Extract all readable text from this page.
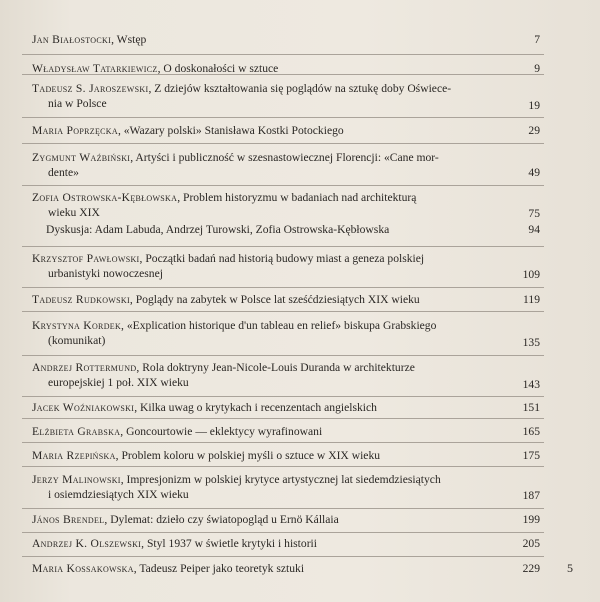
Jan Białostocki, Wstęp	7
Władysław Tatarkiewicz, O doskonałości w sztuce	9
Tadeusz S. Jaroszewski, Z dziejów kształtowania się poglądów na sztukę doby Oświece-
nia w Polsce	19
Maria Poprzęcka, «Wazary polski» Stanisława Kostki Potockiego	29
Zygmunt Waźbiński, Artyści i publiczność w szesnastowiecznej Florencji: «Cane mor-
dente»	49
Zofia Ostrowska-Kębłowska, Problem historyzmu w badaniach nad architekturą
wieku XIX	75
Dyskusja: Adam Labuda, Andrzej Turowski, Zofia Ostrowska-Kębłowska	94
Krzysztof Pawłowski, Początki badań nad historią budowy miast a geneza polskiej
urbanistyki nowoczesnej	109
Tadeusz Rudkowski, Poglądy na zabytek w Polsce lat sześćdziesiątych XIX wieku	119
Krystyna Kordek, «Explication historique d'un tableau en relief» biskupa Grabskiego
(komunikat)	135
Andrzej Rottermund, Rola doktryny Jean-Nicole-Louis Duranda w architekturze
europejskiej 1 poł. XIX wieku	143
Jacek Woźniakowski, Kilka uwag o krytykach i recenzentach angielskich	151
Elżbieta Grabska, Goncourtowie — eklektycy wyrafinowani	165
Maria Rzepińska, Problem koloru w polskiej myśli o sztuce w XIX wieku	175
Jerzy Malinowski, Impresjonizm w polskiej krytyce artystycznej lat siedemdziesiątych
i osiemdziesiątych XIX wieku	187
János Brendel, Dylemat: dzieło czy światopogląd u Ernö Kállaia	199
Andrzej K. Olszewski, Styl 1937 w świetle krytyki i historii	205
Maria Kossakowska, Tadeusz Peiper jako teoretyk sztuki	229 5
